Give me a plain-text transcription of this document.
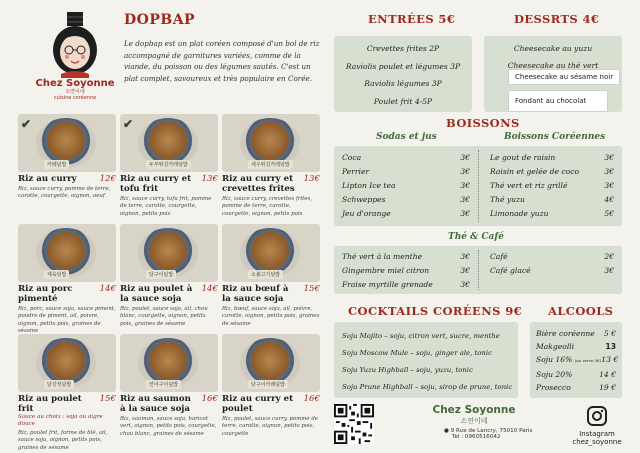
Chez Soyonne
소연이네
cuisine coréenne
DOPBAP
Le dopbap est un plat coréen composé d'un bol de riz accompagné de garnitures variées, comme de la viande, du poisson ou des légumes sautés. C'est un plat complet, savoureux et très populaire en Corée.
카레덮밥
✔
Riz au curry	12€
Riz, sauce curry, pomme de terre, carotte, courgette, oignon, oeuf
두부튀김카레덮밥
✔
Riz au curry et tofu frit
13€
Riz, sauce curry, tofu frit, pomme de terre, carotte, courgette, oignon, petits pois
새우튀김카레덮밥
Riz au curry et crevettes frites
13€
Riz, sauce curry, crevettes frites, pomme de terre, carotte, courgette, oignon, petits pois
제육덮밥
Riz au porc pimenté
14€
Riz, porc, sauce soja, sauce piment, poudre de piment, ail, poivre, oignon, petits pois, graines de sésame
닭구이덮밥
Riz au poulet à la sauce soja
14€
Riz, poulet, sauce soja, ail, chou blanc, courgette, oignon, petits pois, graines de sésame
소불고기덮밥
Riz au bœuf à la sauce soja
15€
Riz, bœuf, sauce soja, ail, poivre, carotte, oignon, petits pois, graines de sésame
닭강정덮밥
Riz au poulet frit
15€
Sauce au choix : soja ou aigre douce
Riz, poulet frit, farine de blé, ail, sauce soja, oignon, petits pois, graines de sésame
연어구이덮밥
Riz au saumon à la sauce soja
16€
Riz, saumon, sauce soja, haricot vert, oignon, petits pois, courgette, chou blanc, graines de sésame
닭구이카레덮밥
Riz au curry et poulet
16€
Riz, poulet, sauce curry, pomme de terre, carotte, oignon, petits pois, courgette
ENTRÉES 5€
Crevettes frites 2P
Raviolis poulet et légumes 3P
Raviolis légumes 3P
Poulet frit 4-5P
DESSRTS 4€
Cheesecake au yuzu
Cheesecake au thé vert
Cheesecake au sésame noir
Fondant au chocolat
BOISSONS
Sodas et jus	Boissons Coréennes
Coca	3€
Perrier	3€
Lipton Ice tea	3€
Schweppes	3€
Jeu d'orange	3€
Le gout de raisin	3€
Raisin et gelée de coco	3€
Thé vert et riz grillé	3€
Thé yuzu	4€
Limonade yuzu	5€
Thé & Café
Thé vert à la menthe	3€
Gingembre miel citron	3€
Fraise myrtille grenade	3€
Café	2€
Café glacé	3€
COCKTAILS CORÉENS 9€
Soju Mojito – soju, citron vert, sucre, menthe
Soju Moscow Mule – soju, ginger ale, tonic
Soju Yuzu Highball – soju, yuzu, tonic
Soju Prune Highball – soju, sirop de prune, tonic
ALCOOLS
Bière coréenne 5 €
Makgeolli	13
Soju 16% (au verre 3€) 13 €
Soju 20%	14 €
Prosecco	19 €
Chez Soyonne
소연이네
● 9 Rue de Lancry, 75010 Paris
Tel : 0960516042	Instagram
chez_soyonne
